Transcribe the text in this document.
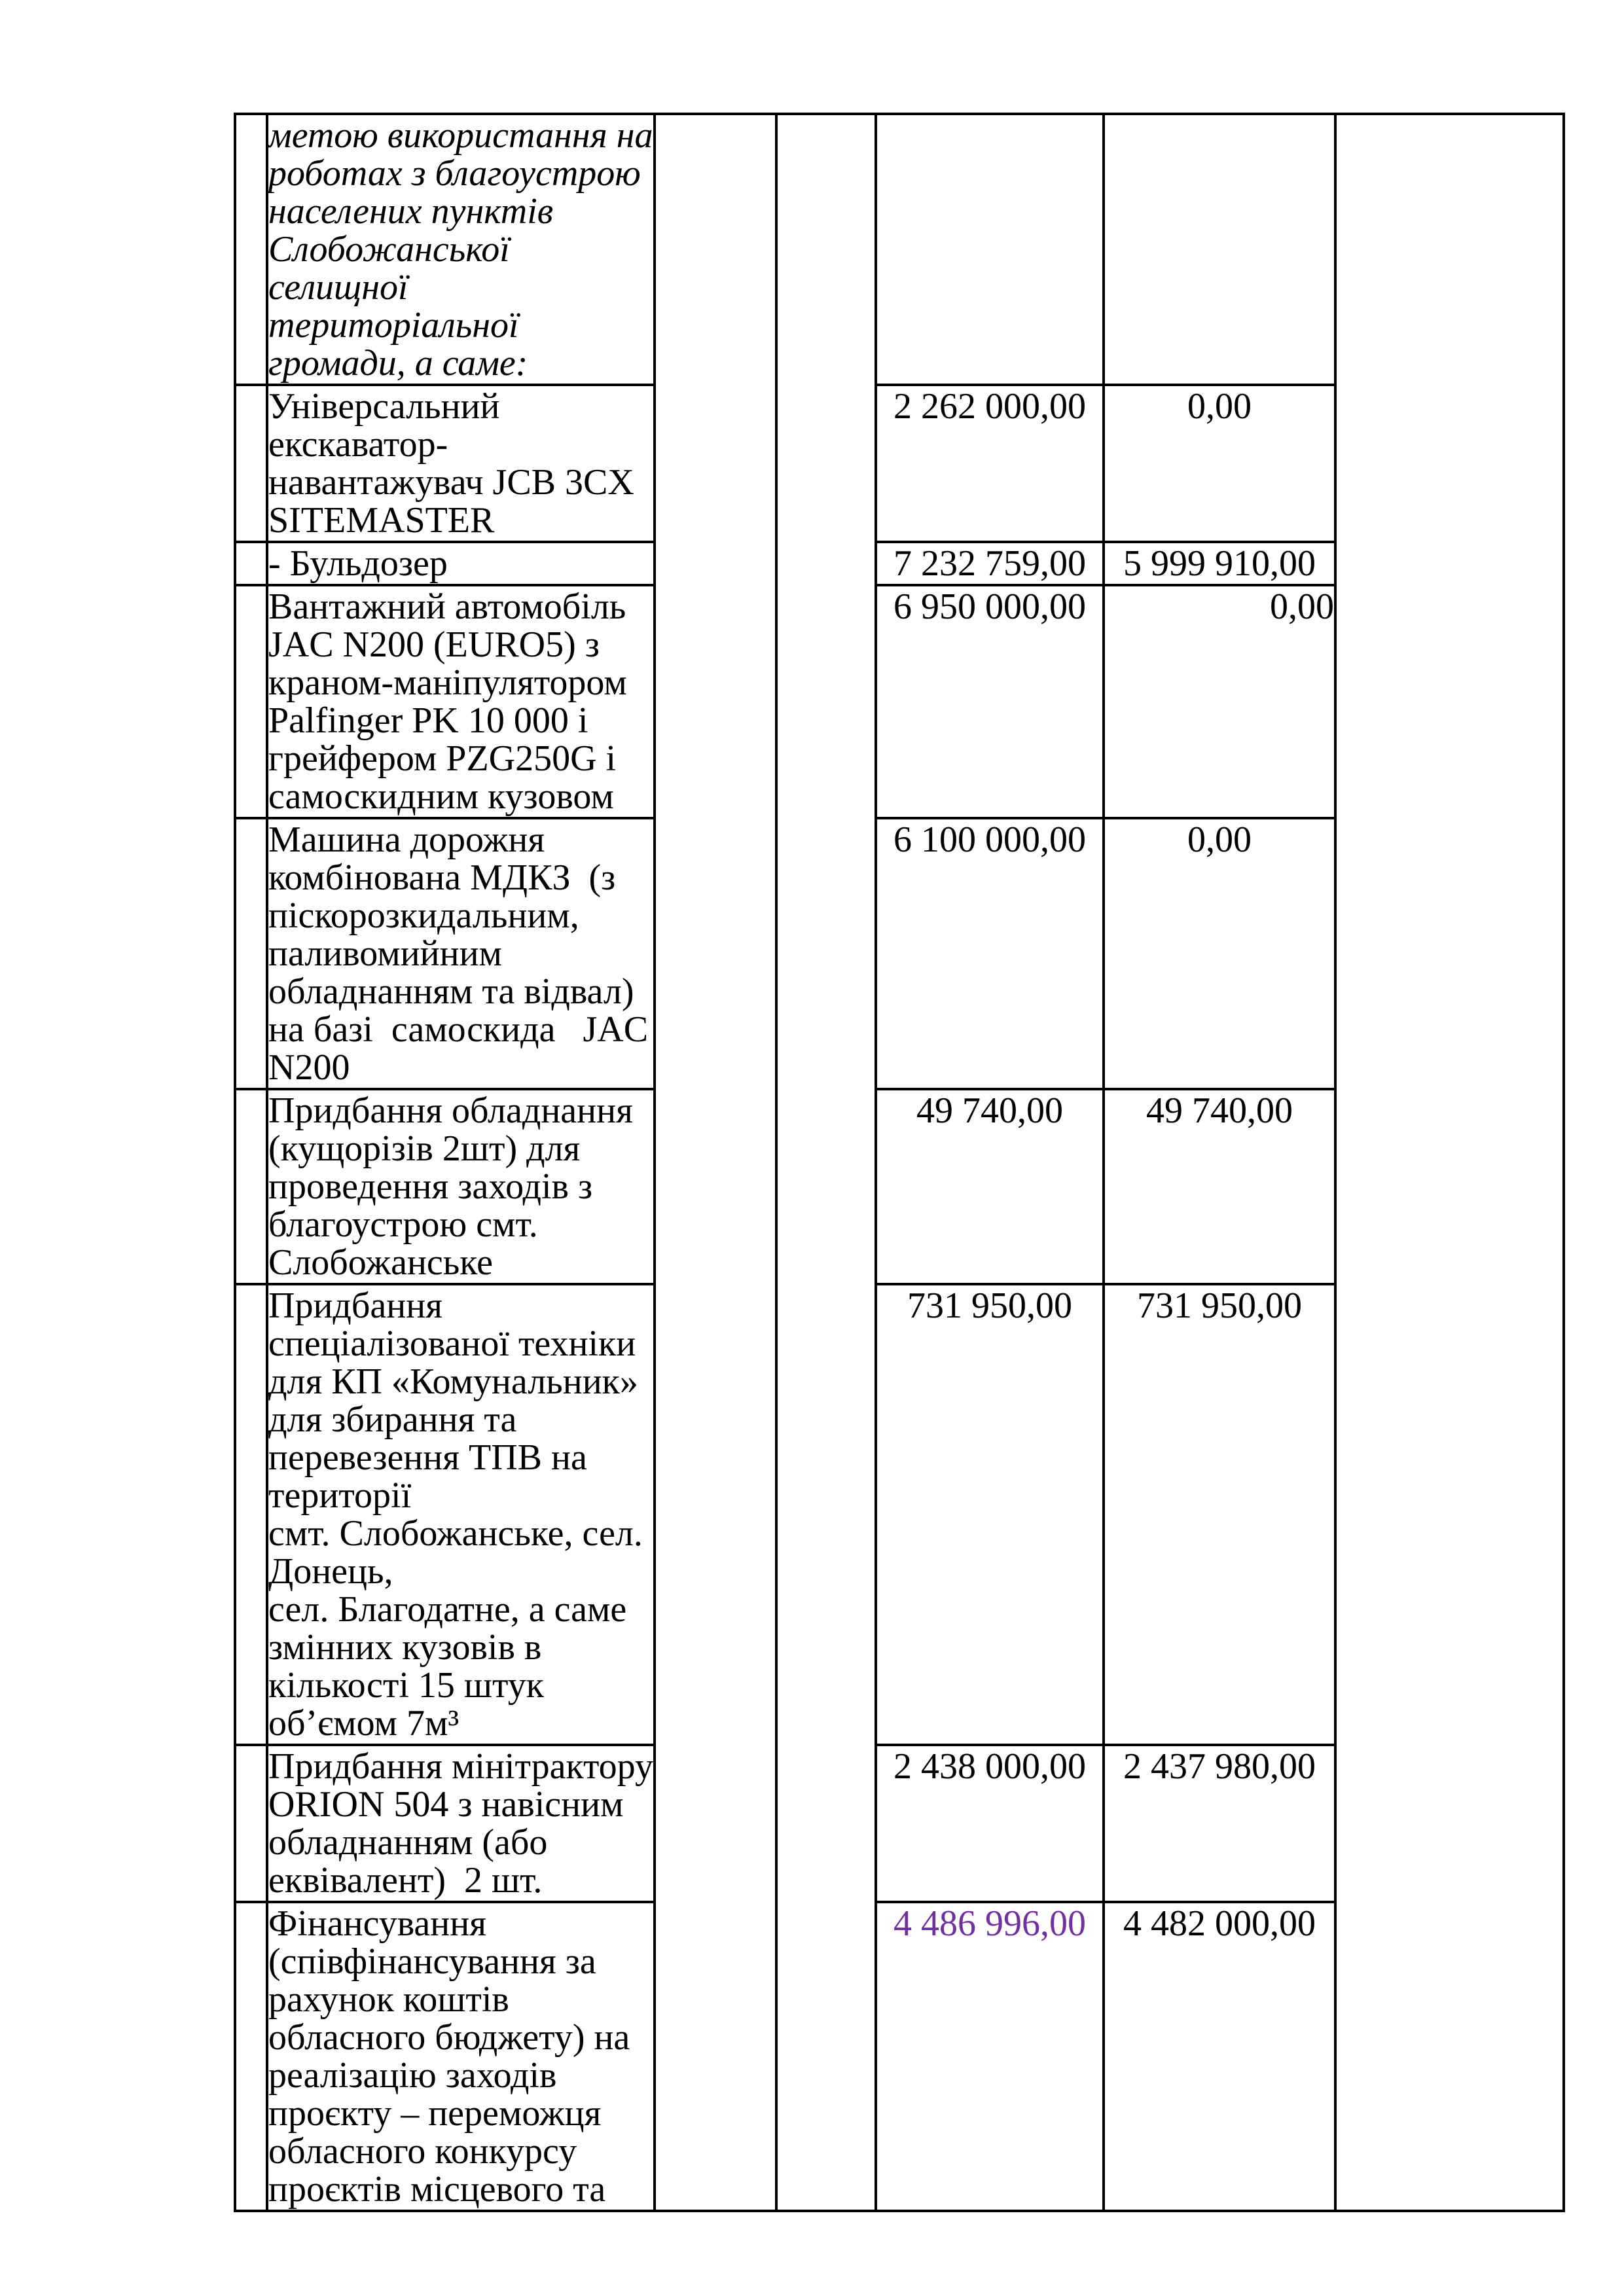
метою використання на
роботах з благоустрою
населених пунктів
Слобожанської
селищної
територіальної
громади, а саме:

	Універсальний
екскаватор-
навантажувач JCB 3CX
SITEMASTER			2 262 000,00	0,00	

	- Бульдозер			7 232 759,00	5 999 910,00	

Вантажний автомобіль
JAC N200 (EURO5) з
краном-маніпулятором
Palfinger PK 10 000 і
грейфером PZG250G і
самоскидним кузовом
	6 950 000,00	0,00

Машина дорожня
комбінована МДКЗ  (з
піскорозкидальним,
паливомийним
обладнанням та відвал)
на базі  самоскида   JAC
N200
	6 100 000,00	0,00

	Придбання обладнання
(кущорізів 2шт) для
проведення заходів з
благоустрою смт.
Слобожанське			49 740,00	49 740,00	

Придбання
спеціалізованої техніки
для КП «Комунальник»
для збирання та
перевезення ТПВ на
території
смт. Слобожанське, сел.
Донець,
сел. Благодатне, а саме
змінних кузовів в
кількості 15 штук
об’ємом 7м³
	731 950,00	731 950,00

	Придбання мінітрактору
ORION 504 з навісним
обладнанням (або
еквівалент)  2 шт.			2 438 000,00	2 437 980,00	

Фінансування
(співфінансування за
рахунок коштів
обласного бюджету) на
реалізацію заходів
проєкту – переможця
обласного конкурсу
проєктів місцевого та
	4 486 996,00	4 482 000,00
